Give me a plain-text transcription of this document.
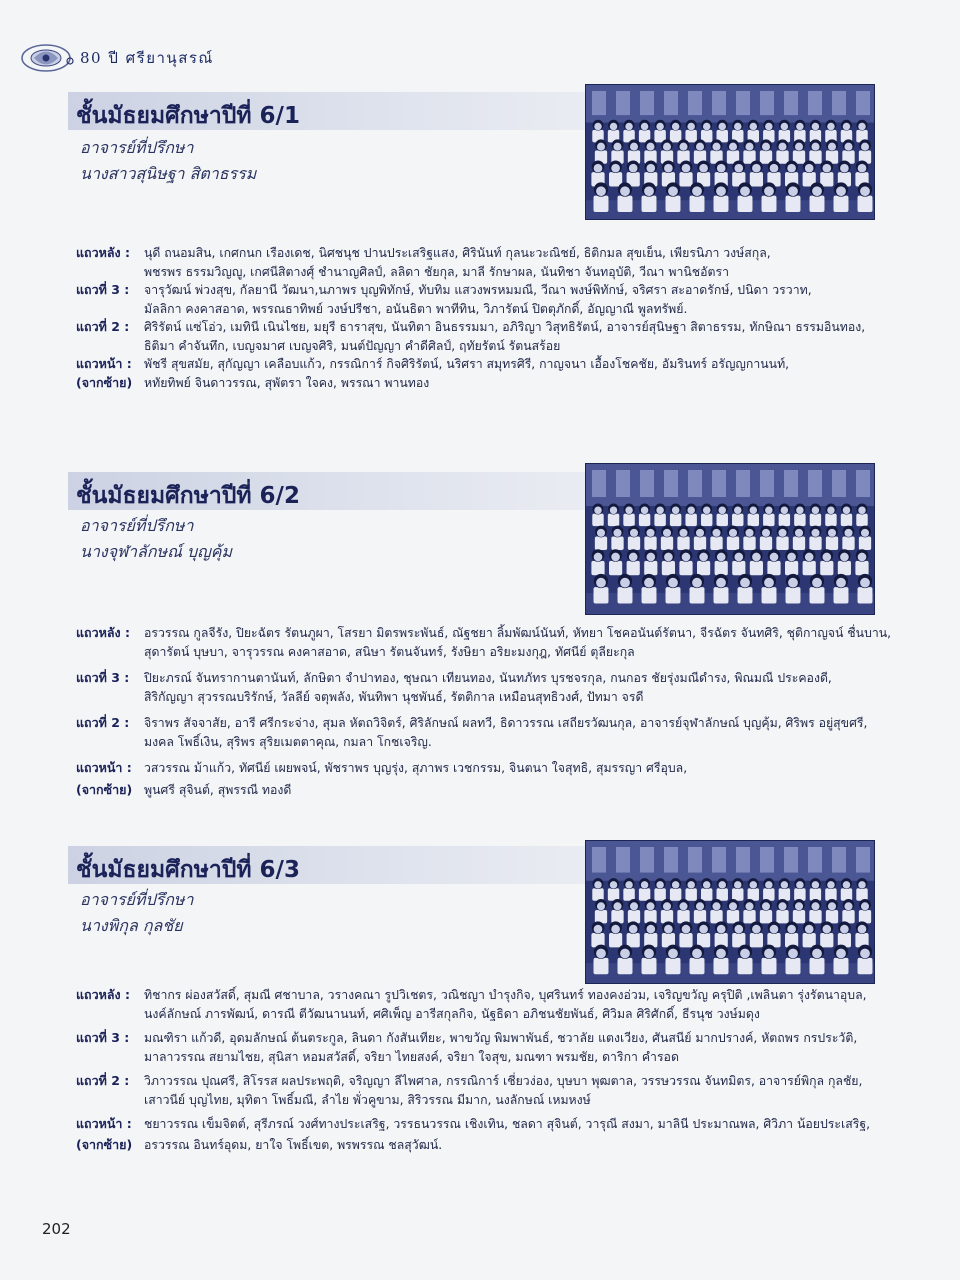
80 ปี ศรียานุสรณ์
ชั้นมัธยมศึกษาปีที่ 6/1
อาจารย์ที่ปรึกษา
นางสาวสุนิษฐา สิตาธรรม
แถวหลัง :	นุดี ถนอมสิน, เกศกนก เรืองเดช, นิศชนุช ปานประเสริฐแสง, ศิรินันท์ กุลนะวะณิชย์, ธิติกมล สุขเย็น, เพียรนิภา วงษ์สกุล,
พชรพร ธรรมวิญญู, เกศนีสิตางศุ์ ชำนาญศิลป์, ลลิดา ชัยกุล, มาลี รักษาผล, นันทิชา จันทอุบัติ, วีณา พานิชอัตรา
แถวที่ 3 :	จารุวัฒน์ พ่วงสุข, กัลยานี วัฒนา,นภาพร บุญพิทักษ์, ทับทิม แสวงพรหมมณี, วีณา พงษ์พิทักษ์, จริศรา สะอาดรักษ์, ปนิดา วรวาท,
มัลลิกา คงคาสอาด, พรรณธาทิพย์ วงษ์ปรีชา, อนันธิตา พาทีทิน, วิภารัตน์ ปิตตุภักดิ์, อัญญาณี พูลทรัพย์.
แถวที่ 2 :	ศิริรัตน์ แซ่โอ่ว, เมทินี เนินไชย, มยุรี ธาราสุข, นันทิตา อินธรรมมา, อภิริญา วิสุทธิรัตน์, อาจารย์สุนิษฐา สิตาธรรม, ทักษิณา ธรรมอินทอง,
ธิติมา คำจันทึก, เบญจมาศ เบญจศิริ, มนต์ปัญญา คำดีศิลป์, ฤทัยรัตน์ รัตนสร้อย
แถวหน้า : พัชรี สุขสมัย, สุกัญญา เคลือบแก้ว, กรรณิการ์ กิจศิริรัตน์, นริศรา สมุทรศิรี, กาญจนา เอื้องโชคชัย, อัมรินทร์ อรัญญกานนท์,
(จากซ้าย) หทัยทิพย์ จินดาวรรณ, สุพัตรา ใจคง, พรรณา พานทอง
ชั้นมัธยมศึกษาปีที่ 6/2
อาจารย์ที่ปรึกษา
นางจุฬาลักษณ์ บุญคุ้ม
แถวหลัง :	อรวรรณ กูลจีรัง, ปิยะฉัตร รัตนภูผา, โสรยา มิตรพระพันธ์, ณัฐชยา ลิ้มพัฒน์นันท์, หัทยา โชคอนันต์รัตนา, จีรฉัตร จันทศิริ, ชุติกาญจน์ ชื่นบาน,
สุดารัตน์ บุษบา, จารุวรรณ คงคาสอาด, สนิษา รัตนจันทร์, รังษิยา อริยะมงกุฎ, ทัศนีย์ ตุลียะกุล
แถวที่ 3 :	ปิยะภรณ์ จันทรากานตานันท์, ลักษิตา จำปาทอง, ชุษณา เทียนทอง, นันทภัทร บุรชจรกุล, กนกอร ชัยรุ่งมณีดำรง, พิณมณี ประคองดี,
สิริกัญญา สุวรรณบริรักษ์, วัลลีย์ จตุพลัง, พันทิพา นุชพันธ์, รัตติกาล เหมือนสุทธิวงศ์, ปัทมา จรดี
แถวที่ 2 :	จิราพร สัจจาสัย, อารี ศรีกระจ่าง, สุมล หัตถวิจิตร์, ศิริลักษณ์ ผลทวี, ธิดาวรรณ เสถียรวัฒนกุล, อาจารย์จุฬาลักษณ์ บุญคุ้ม, ศิริพร อยู่สุขศรี,
มงคล โพธิ์เงิน, สุริพร สุริยเมตตาคุณ, กมลา โกชเจริญ.
แถวหน้า : วสวรรณ ม้าแก้ว, ทัศนีย์ เผยพจน์, พัชราพร บุญรุ่ง, สุภาพร เวชกรรม, จินตนา ใจสุทธิ, สุมรรญา ศรีอุบล,
(จากซ้าย) พูนศรี สุจินต์, สุพรรณี ทองดี
ชั้นมัธยมศึกษาปีที่ 6/3
อาจารย์ที่ปรึกษา
นางพิกุล กุลชัย
แถวหลัง :	ทิชากร ผ่องสวัสดิ์, สุมณี ศชาบาล, วรางคณา รูปวิเชตร, วณิชญา บำรุงกิจ, บุศรินทร์ ทองคงอ่วม, เจริญขวัญ ครุปิติ ,เพลินตา รุ่งรัตนาอุบล,
นงค์ลักษณ์ ภารพัฒน์, ดารณี ตีวัฒนานนท์, ศศิเพ็ญ อารีสกุลกิจ, นัฐธิดา อภิชนชัยพันธ์, ศิวิมล ศิริศักดิ์, ธีรนุช วงษ์มดุง
แถวที่ 3 :	มณฑิรา แก้วดี, อุดมลักษณ์ ต้นตระกูล, ลินดา กังสันเทียะ, พาขวัญ พิมพาพันธ์, ชวาลัย แตงเวียง, ศันสนีย์ มากปรางค์, หัตถพร กรประวัติ,
มาลาวรรณ สยามไชย, สุนิสา หอมสวัสดิ์, จริยา ไทยสงค์, จริยา ใจสุข, มณฑา พรมชัย, ดาริกา คำรอด
แถวที่ 2 :	วิภาวรรณ ปุณศรี, สิโรรส ผลประพฤติ, จริญญา ลีไพศาล, กรรณิการ์ เชี่ยวง่อง, บุษบา พุฒตาล, วรรษวรรณ จันทมิตร, อาจารย์พิกุล กุลชัย,
เสาวนีย์ บุญไทย, มุทิตา โพธิ์มณี, ลำไย พั่วคูขาม, สิริวรรณ มีมาก, นงลักษณ์ เหมหงษ์
แถวหน้า : ชยาวรรณ เข็มจิตต์, สุรีภรณ์ วงศ์ทางประเสริฐ, วรรธนวรรณ เชิงเทิน, ชลดา สุจินต์, วารุณี สงมา, มาลินี ประมาณพล, ศิวิภา น้อยประเสริฐ,
(จากซ้าย) อรวรรณ อินทร์อุดม, ยาใจ โพธิ์เขต, พรพรรณ ชลสุวัฒน์.
202
